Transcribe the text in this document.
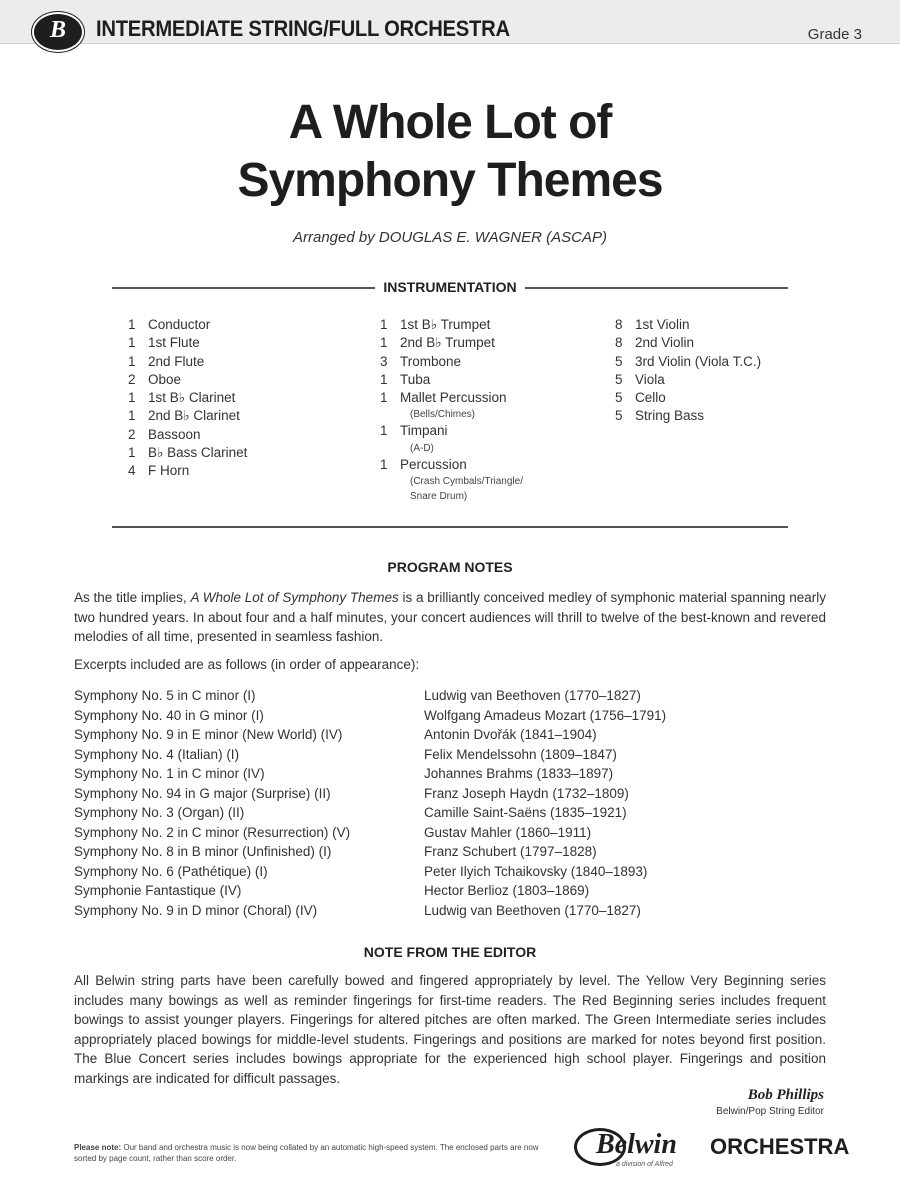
B	INTERMEDIATE STRING/FULL ORCHESTRA	Grade 3
A Whole Lot of
Symphony Themes
Arranged by DOUGLAS E. WAGNER (ASCAP)
INSTRUMENTATION
1 Conductor
1 1st Flute
1 2nd Flute
2 Oboe
1 1st B♭ Clarinet
1 2nd B♭ Clarinet
2 Bassoon
1 B♭ Bass Clarinet
4 F Horn
1 1st B♭ Trumpet
1 2nd B♭ Trumpet
3 Trombone
1 Tuba
1 Mallet Percussion
(Bells/Chimes)
1 Timpani
(A-D)
1 Percussion
(Crash Cymbals/Triangle/
Snare Drum)
8 1st Violin
8 2nd Violin
5 3rd Violin (Viola T.C.)
5 Viola
5 Cello
5 String Bass
PROGRAM NOTES
As the title implies, A Whole Lot of Symphony Themes is a brilliantly conceived medley of symphonic material spanning nearly two hundred years. In about four and a half minutes, your concert audiences will thrill to twelve of the best-known and revered melodies of all time, presented in seamless fashion.
Excerpts included are as follows (in order of appearance):
Symphony No. 5 in C minor (I)	Ludwig van Beethoven (1770–1827)
Symphony No. 40 in G minor (I)	Wolfgang Amadeus Mozart (1756–1791)
Symphony No. 9 in E minor (New World) (IV)	Antonin Dvořák (1841–1904)
Symphony No. 4 (Italian) (I)	Felix Mendelssohn (1809–1847)
Symphony No. 1 in C minor (IV)	Johannes Brahms (1833–1897)
Symphony No. 94 in G major (Surprise) (II)	Franz Joseph Haydn (1732–1809)
Symphony No. 3 (Organ) (II)	Camille Saint-Saëns (1835–1921)
Symphony No. 2 in C minor (Resurrection) (V)	Gustav Mahler (1860–1911)
Symphony No. 8 in B minor (Unfinished) (I)	Franz Schubert (1797–1828)
Symphony No. 6 (Pathétique) (I)	Peter Ilyich Tchaikovsky (1840–1893)
Symphonie Fantastique (IV)	Hector Berlioz (1803–1869)
Symphony No. 9 in D minor (Choral) (IV)	Ludwig van Beethoven (1770–1827)
NOTE FROM THE EDITOR
All Belwin string parts have been carefully bowed and fingered appropriately by level. The Yellow Very Beginning series includes many bowings as well as reminder fingerings for first-time readers. The Red Beginning series includes frequent bowings to assist younger players. Fingerings for altered pitches are often marked. The Green Intermediate series includes appropriately placed bowings for middle-level students. Fingerings and positions are marked for notes beyond first position. The Blue Concert series includes bowings appropriate for the experienced high school player. Fingerings and position markings are indicated for difficult passages.
Bob Phillips
Belwin/Pop String Editor
Please note: Our band and orchestra music is now being collated by an automatic high-speed system. The enclosed parts are now sorted by page count, rather than score order.	Belwin ORCHESTRA
a division of Alfred
